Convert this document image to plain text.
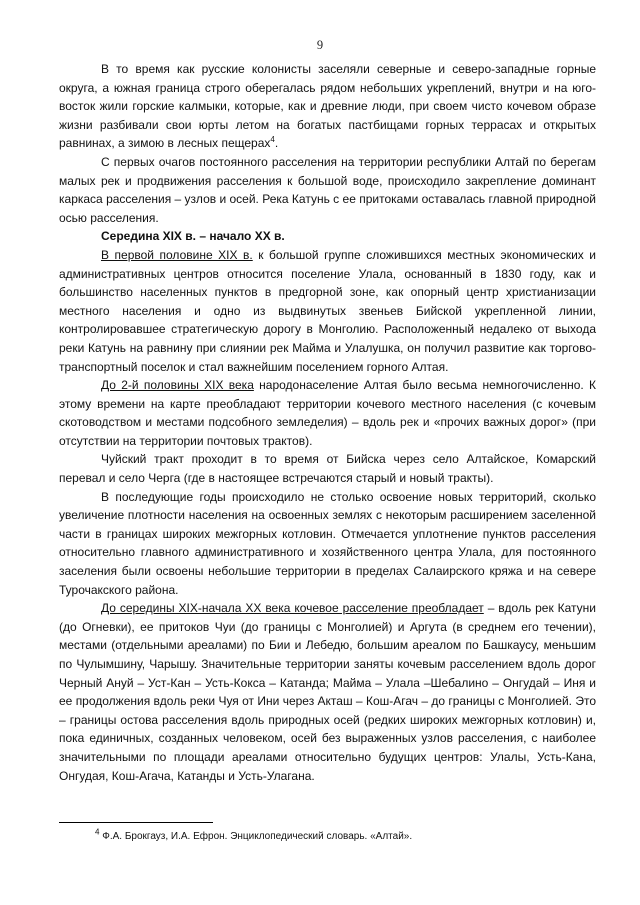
9

В то время как русские колонисты заселяли северные и северо-западные горные округа, а южная граница строго оберегалась рядом небольших укреплений, внутри и на юго-восток жили горские калмыки, которые, как и древние люди, при своем чисто кочевом образе жизни разбивали свои юрты летом на богатых пастбищами горных террасах и открытых равнинах, а зимою в лесных пещерах$^4$.

С первых очагов постоянного расселения на территории республики Алтай по берегам малых рек и продвижения расселения к большой воде, происходило закрепление доминант каркаса расселения – узлов и осей. Река Катунь с ее притоками оставалась главной природной осью расселения.

Середина XIX в. – начало XX в.

В первой половине XIX в. к большой группе сложившихся местных экономических и административных центров относится поселение Улала, основанный в 1830 году, как и большинство населенных пунктов в предгорной зоне, как опорный центр христианизации местного населения и одно из выдвинутых звеньев Бийской укрепленной линии, контролировавшее стратегическую дорогу в Монголию. Расположенный недалеко от выхода реки Катунь на равнину при слиянии рек Майма и Улалушка, он получил развитие как торгово-транспортный поселок и стал важнейшим поселением горного Алтая.

До 2-й половины XIX века народонаселение Алтая было весьма немногочисленно. К этому времени на карте преобладают территории кочевого местного населения (с кочевым скотоводством и местами подсобного земледелия) – вдоль рек и «прочих важных дорог» (при отсутствии на территории почтовых трактов).

Чуйский тракт проходит в то время от Бийска через село Алтайское, Комарский перевал и село Черга (где в настоящее встречаются старый и новый тракты).

В последующие годы происходило не столько освоение новых территорий, сколько увеличение плотности населения на освоенных землях с некоторым расширением заселенной части в границах широких межгорных котловин. Отмечается уплотнение пунктов расселения относительно главного административного и хозяйственного центра Улала, для постоянного заселения были освоены небольшие территории в пределах Салаирского кряжа и на севере Турочакского района.

До середины XIX-начала XX века кочевое расселение преобладает – вдоль рек Катуни (до Огневки), ее притоков Чуи (до границы с Монголией) и Аргута (в среднем его течении), местами (отдельными ареалами) по Бии и Лебедю, большим ареалом по Башкаусу, меньшим по Чулымшину, Чарышу. Значительные территории заняты кочевым расселением вдоль дорог Черный Ануй – Уст-Кан – Усть-Кокса – Катанда; Майма – Улала –Шебалино – Онгудай – Иня и ее продолжения вдоль реки Чуя от Ини через Акташ – Кош-Агач – до границы с Монголией. Это – границы остова расселения вдоль природных осей (редких широких межгорных котловин) и, пока единичных, созданных человеком, осей без выраженных узлов расселения, с наиболее значительными по площади ареалами относительно будущих центров: Улалы, Усть-Кана, Онгудая, Кош-Агача, Катанды и Усть-Улагана.

$^4$ Ф.А. Брокгауз, И.А. Ефрон. Энциклопедический словарь. «Алтай».
